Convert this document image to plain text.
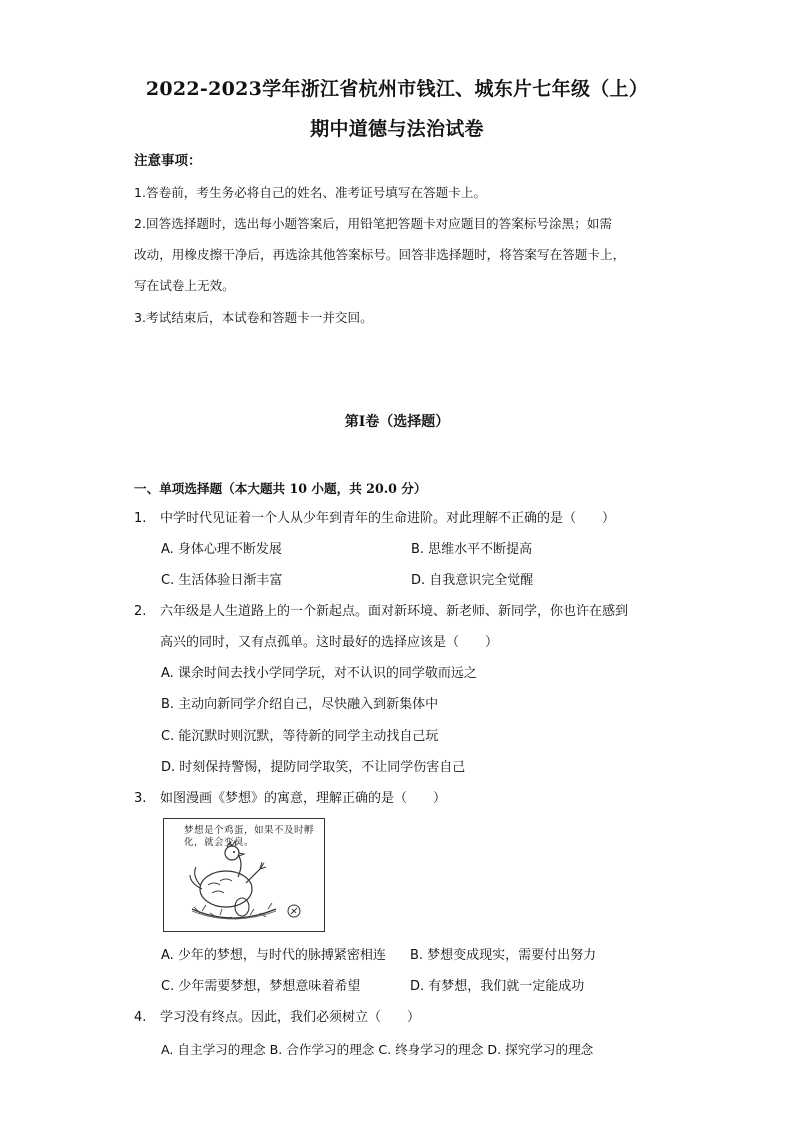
2022-2023学年浙江省杭州市钱江、城东片七年级（上）
期中道德与法治试卷
注意事项：
1.答卷前，考生务必将自己的姓名、准考证号填写在答题卡上。
2.回答选择题时，选出每小题答案后，用铅笔把答题卡对应题目的答案标号涂黑；如需
改动，用橡皮擦干净后，再选涂其他答案标号。回答非选择题时，将答案写在答题卡上，
写在试卷上无效。
3.考试结束后，本试卷和答题卡一并交回。
第Ⅰ卷（选择题）
一、单项选择题（本大题共 10 小题，共 20.0 分）
1. 中学时代见证着一个人从少年到青年的生命进阶。对此理解不正确的是（　　）
A. 身体心理不断发展	B. 思维水平不断提高
C. 生活体验日渐丰富	D. 自我意识完全觉醒
2. 六年级是人生道路上的一个新起点。面对新环境、新老师、新同学，你也许在感到
高兴的同时，又有点孤单。这时最好的选择应该是（　　）
A. 课余时间去找小学同学玩，对不认识的同学敬而远之
B. 主动向新同学介绍自己，尽快融入到新集体中
C. 能沉默时则沉默，等待新的同学主动找自己玩
D. 时刻保持警惕，提防同学取笑，不让同学伤害自己
3. 如图漫画《梦想》的寓意，理解正确的是（　　）
梦想是个鸡蛋，如果不及时孵化，就会变臭。
A. 少年的梦想，与时代的脉搏紧密相连 B. 梦想变成现实，需要付出努力
C. 少年需要梦想，梦想意味着希望	D. 有梦想，我们就一定能成功
4. 学习没有终点。因此，我们必须树立（　　）
A. 自主学习的理念 B. 合作学习的理念 C. 终身学习的理念 D. 探究学习的理念
